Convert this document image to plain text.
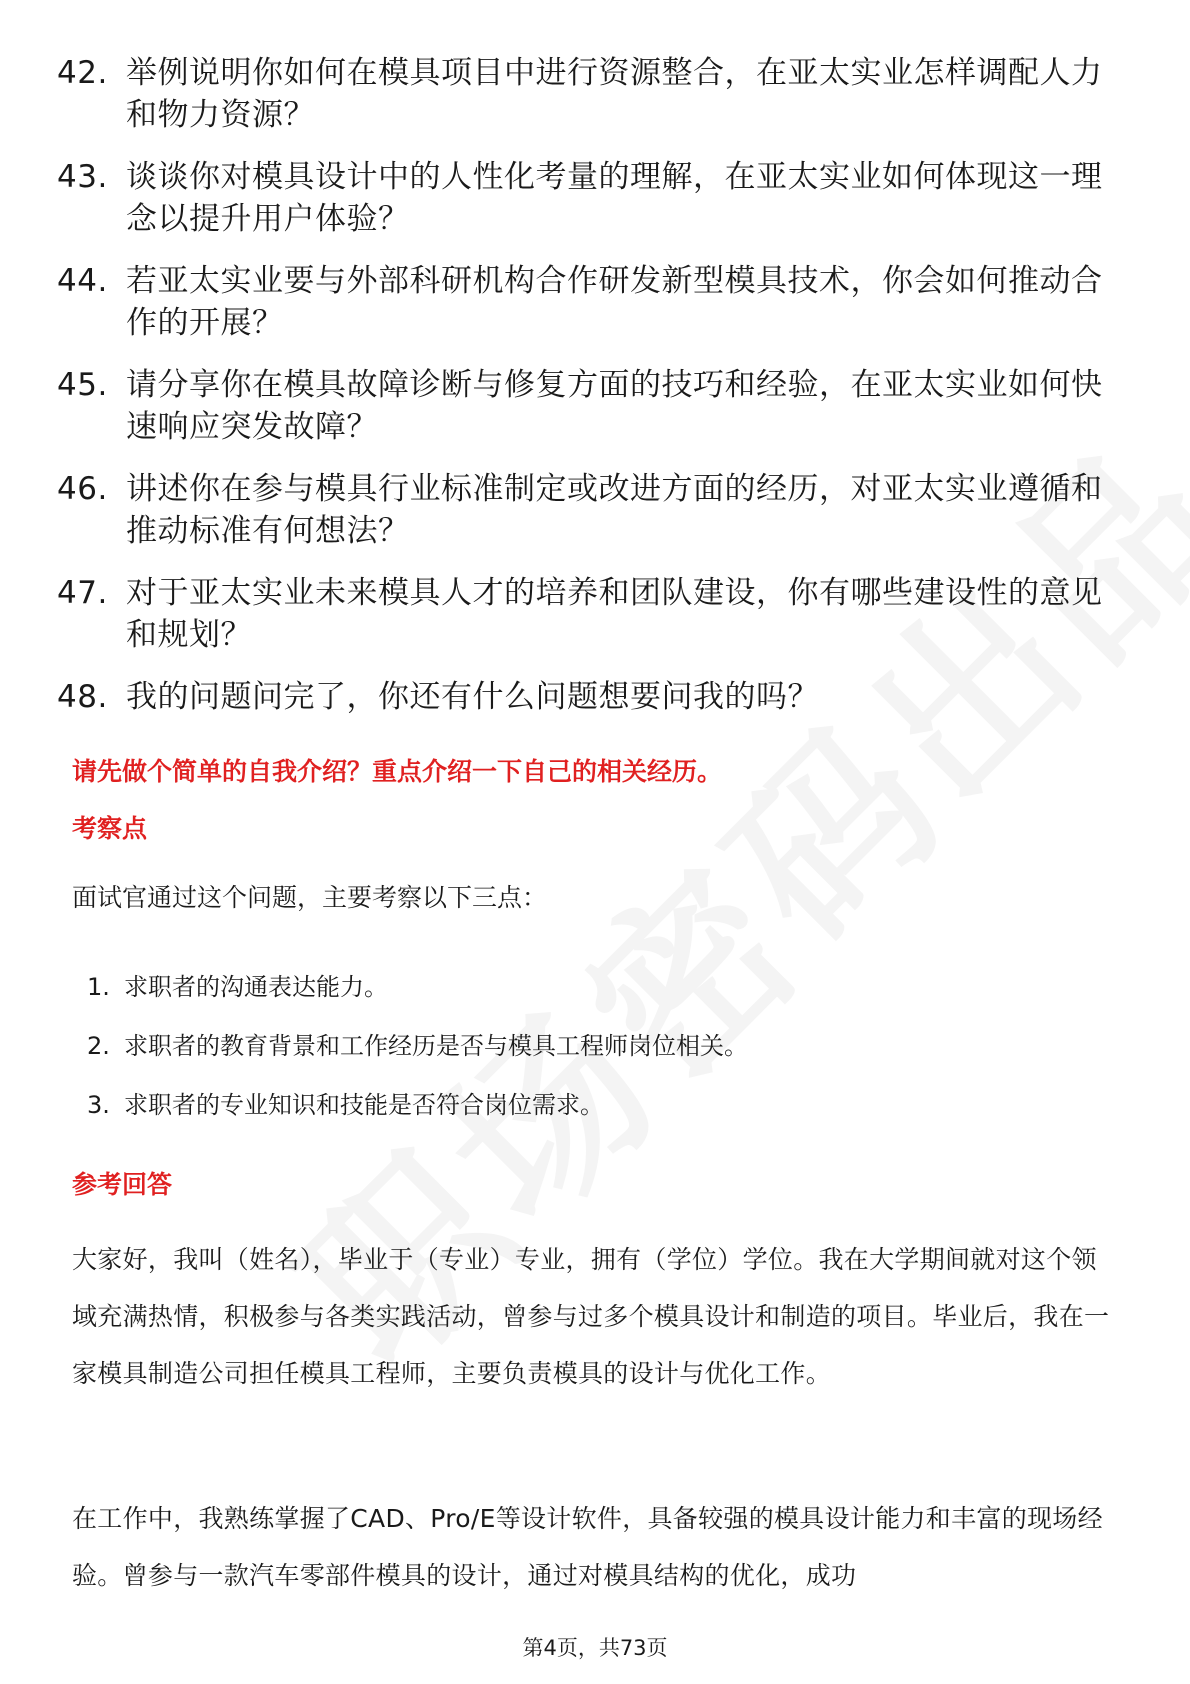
42. 举例说明你如何在模具项目中进行资源整合，在亚太实业怎样调配人力和物力资源？
43. 谈谈你对模具设计中的人性化考量的理解，在亚太实业如何体现这一理念以提升用户体验？
44. 若亚太实业要与外部科研机构合作研发新型模具技术，你会如何推动合作的开展？
45. 请分享你在模具故障诊断与修复方面的技巧和经验，在亚太实业如何快速响应突发故障？
46. 讲述你在参与模具行业标准制定或改进方面的经历，对亚太实业遵循和推动标准有何想法？
47. 对于亚太实业未来模具人才的培养和团队建设，你有哪些建设性的意见和规划？
48. 我的问题问完了，你还有什么问题想要问我的吗？
请先做个简单的自我介绍？重点介绍一下自己的相关经历。
考察点
面试官通过这个问题，主要考察以下三点：
1. 求职者的沟通表达能力。
2. 求职者的教育背景和工作经历是否与模具工程师岗位相关。
3. 求职者的专业知识和技能是否符合岗位需求。
参考回答

大家好，我叫（姓名），毕业于（专业）专业，拥有（学位）学位。我在大学期间就对这个领域充满热情，积极参与各类实践活动，曾参与过多个模具设计和制造的项目。毕业后，我在一家模具制造公司担任模具工程师，主要负责模具的设计与优化工作。

在工作中，我熟练掌握了CAD、Pro/E等设计软件，具备较强的模具设计能力和丰富的现场经验。曾参与一款汽车零部件模具的设计，通过对模具结构的优化，成功

第4页，共73页
